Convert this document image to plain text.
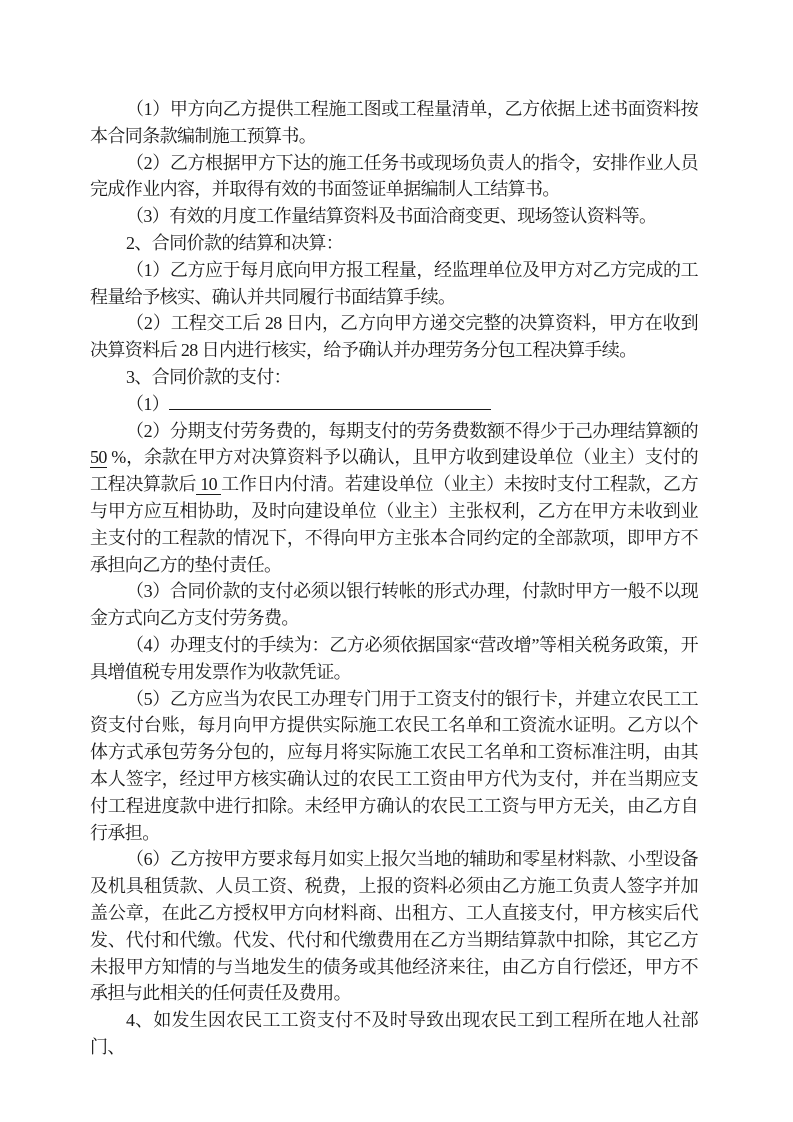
（1）甲方向乙方提供工程施工图或工程量清单，乙方依据上述书面资料按本合同条款编制施工预算书。

（2）乙方根据甲方下达的施工任务书或现场负责人的指令，安排作业人员完成作业内容，并取得有效的书面签证单据编制人工结算书。

（3）有效的月度工作量结算资料及书面洽商变更、现场签认资料等。

2、合同价款的结算和决算：

（1）乙方应于每月底向甲方报工程量，经监理单位及甲方对乙方完成的工程量给予核实、确认并共同履行书面结算手续。

（2）工程交工后 28 日内，乙方向甲方递交完整的决算资料，甲方在收到决算资料后 28 日内进行核实，给予确认并办理劳务分包工程决算手续。

3、合同价款的支付：

（1）

（2）分期支付劳务费的，每期支付的劳务费数额不得少于己办理结算额的50 %，余款在甲方对决算资料予以确认，且甲方收到建设单位（业主）支付的工程决算款后 10 工作日内付清。若建设单位（业主）未按时支付工程款，乙方与甲方应互相协助，及时向建设单位（业主）主张权利，乙方在甲方未收到业主支付的工程款的情况下，不得向甲方主张本合同约定的全部款项，即甲方不承担向乙方的垫付责任。

（3）合同价款的支付必须以银行转帐的形式办理，付款时甲方一般不以现金方式向乙方支付劳务费。

（4）办理支付的手续为：乙方必须依据国家“营改增”等相关税务政策，开具增值税专用发票作为收款凭证。

（5）乙方应当为农民工办理专门用于工资支付的银行卡，并建立农民工工资支付台账，每月向甲方提供实际施工农民工名单和工资流水证明。乙方以个体方式承包劳务分包的，应每月将实际施工农民工名单和工资标准注明，由其本人签字，经过甲方核实确认过的农民工工资由甲方代为支付，并在当期应支付工程进度款中进行扣除。未经甲方确认的农民工工资与甲方无关，由乙方自行承担。

（6）乙方按甲方要求每月如实上报欠当地的辅助和零星材料款、小型设备及机具租赁款、人员工资、税费，上报的资料必须由乙方施工负责人签字并加盖公章，在此乙方授权甲方向材料商、出租方、工人直接支付，甲方核实后代发、代付和代缴。代发、代付和代缴费用在乙方当期结算款中扣除，其它乙方未报甲方知情的与当地发生的债务或其他经济来往，由乙方自行偿还，甲方不承担与此相关的任何责任及费用。

4、如发生因农民工工资支付不及时导致出现农民工到工程所在地人社部门、
